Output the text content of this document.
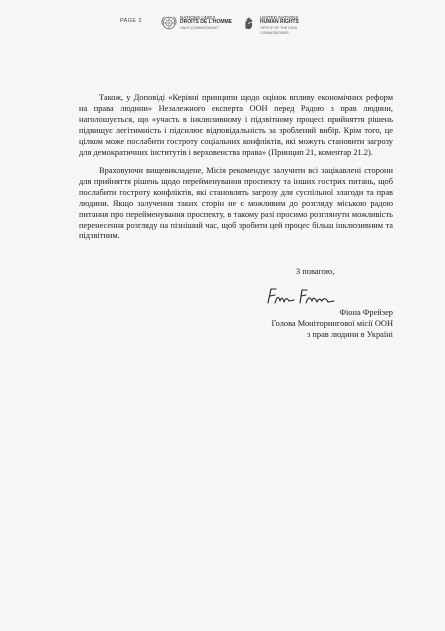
PAGE 2
NATIONS UNIES
DROITS DE L'HOMME
HAUT-COMMISSARIAT
UNITED NATIONS
HUMAN RIGHTS
OFFICE OF THE HIGH COMMISSIONER

Також, у Доповіді «Керівні принципи щодо оцінок впливу економічних реформ на права людини» Незалежного експерта ООН перед Радою з прав людини, наголошується, що «участь в інклюзивному і підзвітному процесі прийняття рішень підвищує легітимність і підсилює відповідальність за зроблений вибір. Крім того, це цілком може послабити гостроту соціальних конфліктів, які можуть становити загрозу для демократичних інститутів і верховенства права» (Принцип 21, коментар 21.2).

Враховуючи вищевикладене, Місія рекомендує залучити всі зацікавлені сторони для прийняття рішень щодо перейменування проспекту та інших гострих питань, щоб послабити гостроту конфліктів, які становлять загрозу для суспільної злагоди та прав людини. Якщо залучення таких сторін не є можливим до розгляду міською радою питання про перейменування проспекту, в такому разі просимо розглянути можливість перенесення розгляду на пізніший час, щоб зробити цей процес більш інклюзивним та підзвітним.

З повагою,
Фіона Фрейзер
Голова Моніторингової місії ООН
з прав людини в Україні
